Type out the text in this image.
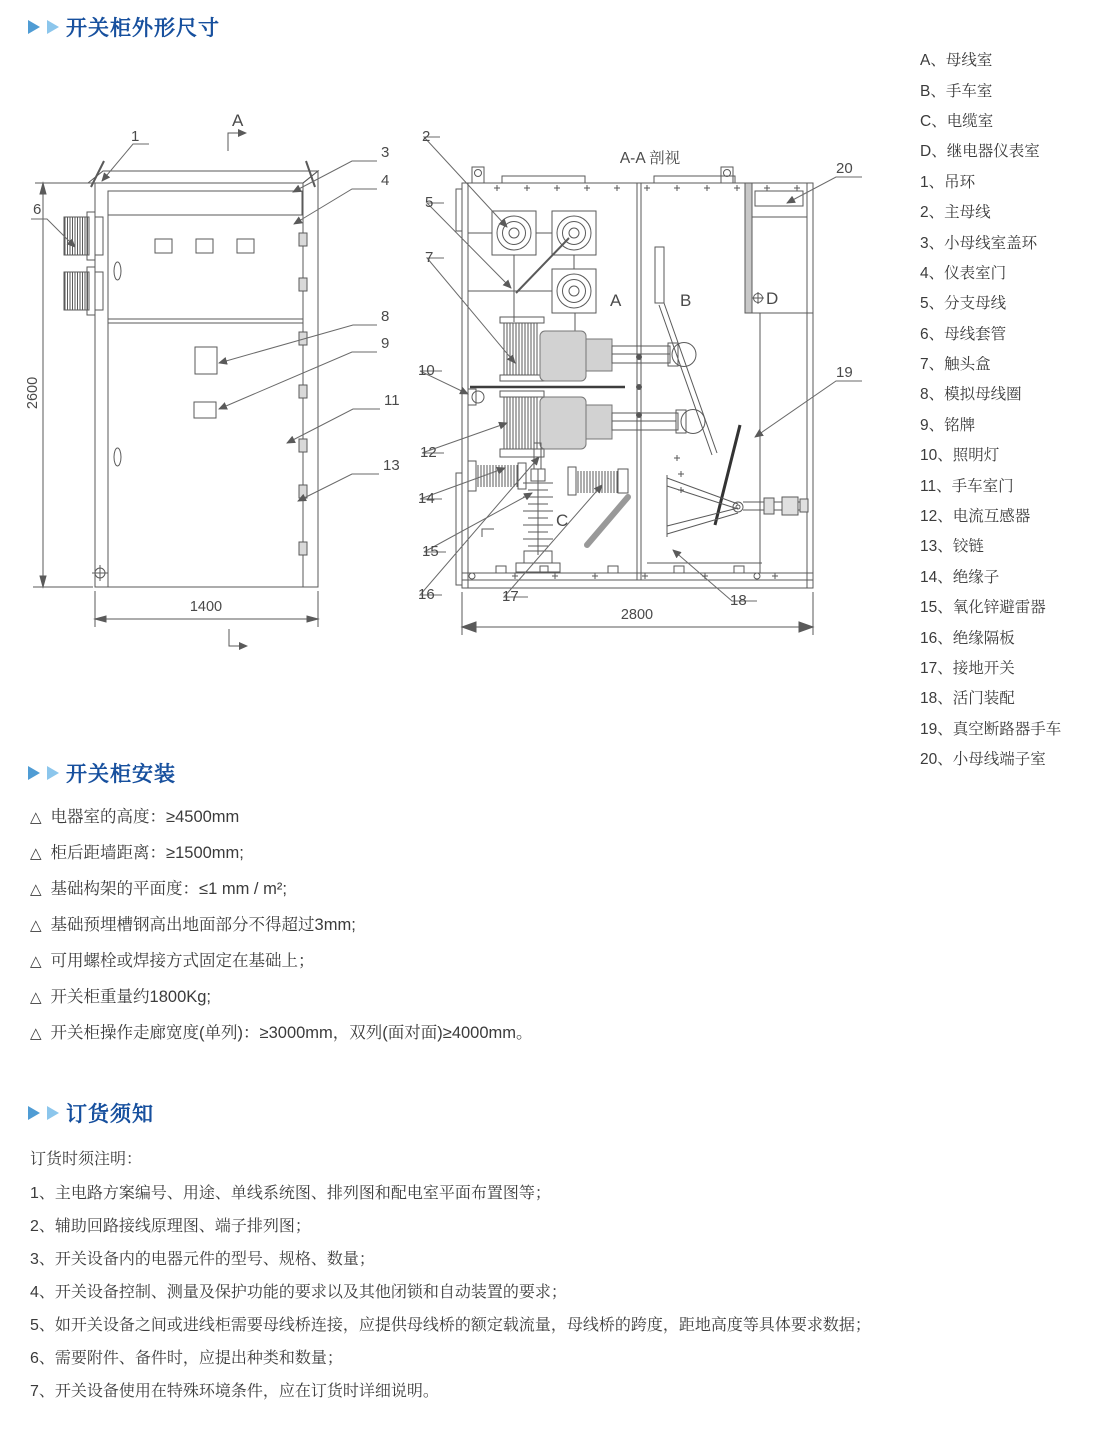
开关柜外形尺寸
A
2600
1400
1
3
4
6
8
9
11
13
A-A 剖视
A	B
C
D
2800
2
5
7
10
12
14
15
16	17	18
19
20
A、母线室
B、手车室
C、电缆室
D、继电器仪表室
1、吊环
2、主母线
3、小母线室盖环
4、仪表室门
5、分支母线
6、母线套管
7、触头盒
8、模拟母线圈
9、铭牌
10、照明灯
11、手车室门
12、电流互感器
13、铰链
14、绝缘子
15、氧化锌避雷器
16、绝缘隔板
17、接地开关
18、活门装配
19、真空断路器手车
20、小母线端子室
开关柜安装
△ 电器室的高度：≥4500mm
△ 柜后距墙距离：≥1500mm;
△ 基础构架的平面度：≤1 mm / m²;
△ 基础预埋槽钢高出地面部分不得超过3mm;
△ 可用螺栓或焊接方式固定在基础上；
△ 开关柜重量约1800Kg;
△ 开关柜操作走廊宽度(单列)：≥3000mm，双列(面对面)≥4000mm。
订货须知

订货时须注明：

1、主电路方案编号、用途、单线系统图、排列图和配电室平面布置图等；
2、辅助回路接线原理图、端子排列图；
3、开关设备内的电器元件的型号、规格、数量；
4、开关设备控制、测量及保护功能的要求以及其他闭锁和自动装置的要求；
5、如开关设备之间或进线柜需要母线桥连接，应提供母线桥的额定载流量，母线桥的跨度，距地高度等具体要求数据；
6、需要附件、备件时，应提出种类和数量；
7、开关设备使用在特殊环境条件，应在订货时详细说明。
